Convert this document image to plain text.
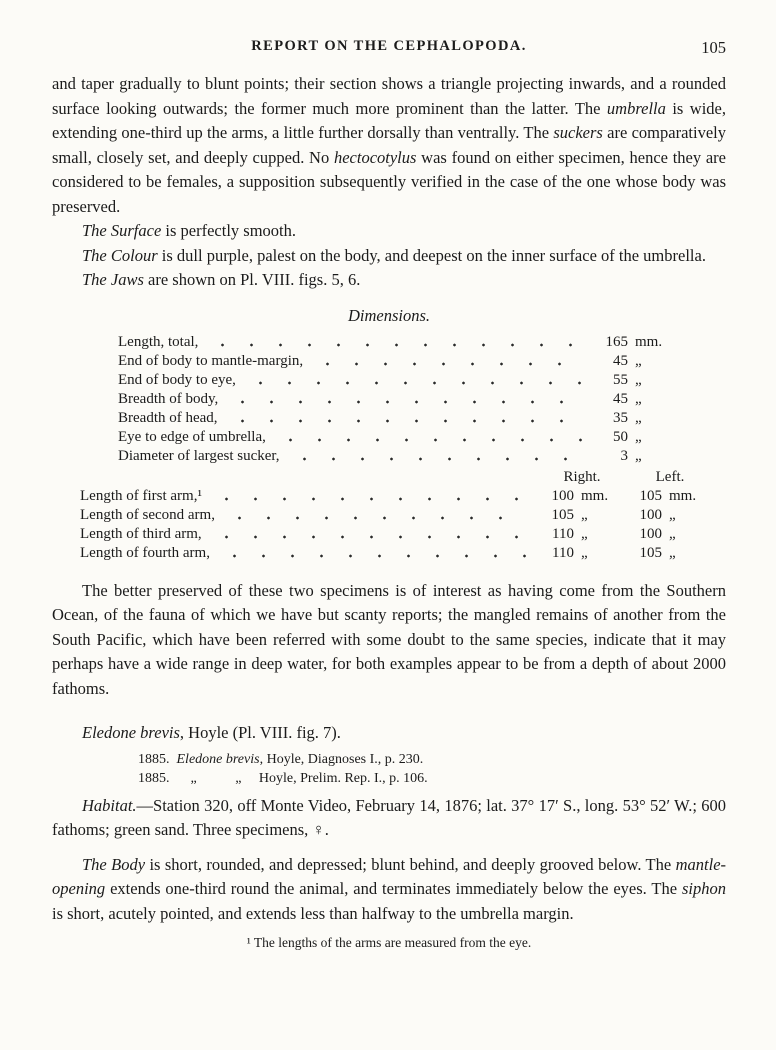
REPORT ON THE CEPHALOPODA.	105

and taper gradually to blunt points; their section shows a triangle projecting inwards, and a rounded surface looking outwards; the former much more prominent than the latter. The umbrella is wide, extending one-third up the arms, a little further dorsally than ventrally. The suckers are comparatively small, closely set, and deeply cupped. No hectocotylus was found on either specimen, hence they are considered to be females, a supposition subsequently verified in the case of the one whose body was preserved.

The Surface is perfectly smooth.

The Colour is dull purple, palest on the body, and deepest on the inner surface of the umbrella.

The Jaws are shown on Pl. VIII. figs. 5, 6.

Dimensions.
Length, total,	165 mm.
End of body to mantle-margin,	45 „
End of body to eye,	55 „
Breadth of body,	45 „
Breadth of head,	35 „
Eye to edge of umbrella,	50 „
Diameter of largest sucker,	3 „
Right.	Left.
Length of first arm,¹	100 mm.	105 mm.
Length of second arm,	105 „	100 „
Length of third arm,	110 „	100 „
Length of fourth arm,	110 „	105 „

The better preserved of these two specimens is of interest as having come from the Southern Ocean, of the fauna of which we have but scanty reports; the mangled remains of another from the South Pacific, which have been referred with some doubt to the same species, indicate that it may perhaps have a wide range in deep water, for both examples appear to be from a depth of about 2000 fathoms.

Eledone brevis, Hoyle (Pl. VIII. fig. 7).

1885.  Eledone brevis, Hoyle, Diagnoses I., p. 230.
1885.      „           „     Hoyle, Prelim. Rep. I., p. 106.

Habitat.—Station 320, off Monte Video, February 14, 1876; lat. 37° 17′ S., long. 53° 52′ W.; 600 fathoms; green sand. Three specimens, ♀.

The Body is short, rounded, and depressed; blunt behind, and deeply grooved below. The mantle-opening extends one-third round the animal, and terminates immediately below the eyes. The siphon is short, acutely pointed, and extends less than halfway to the umbrella margin.

¹ The lengths of the arms are measured from the eye.
